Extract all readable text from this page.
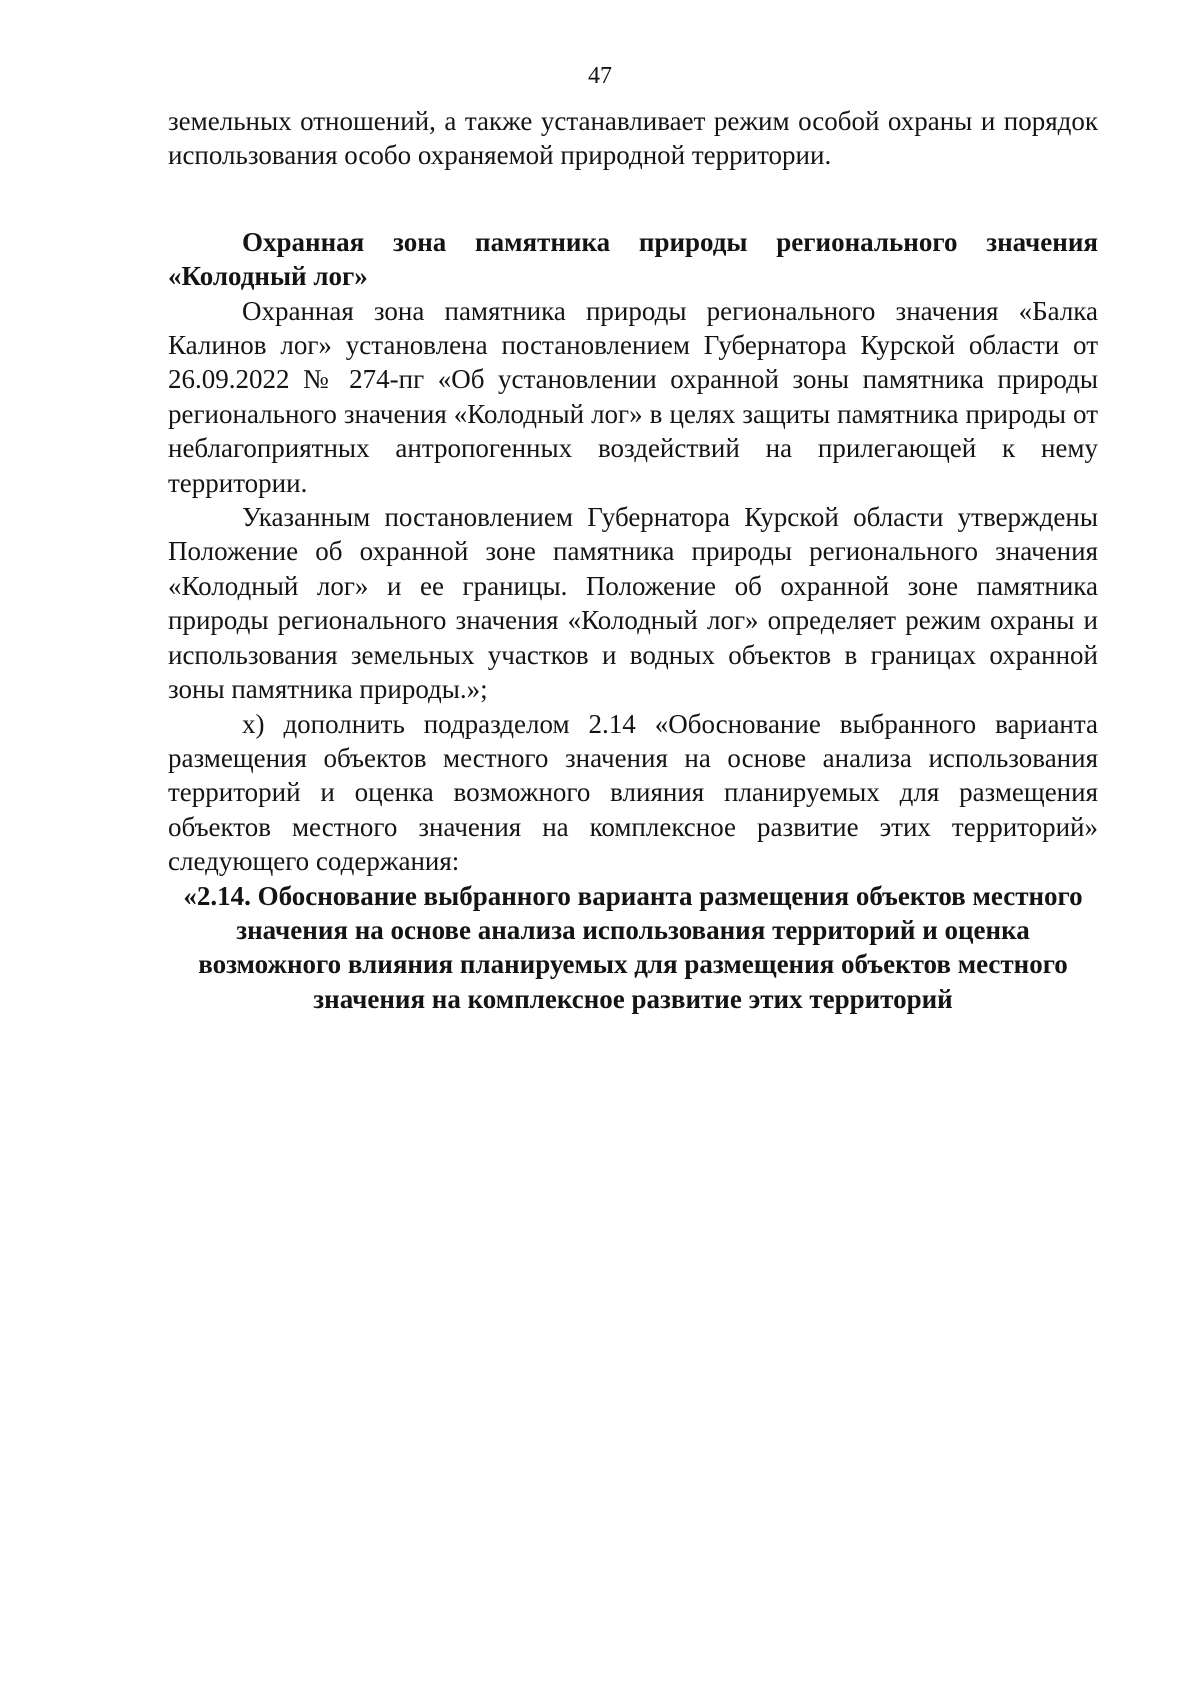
47

земельных отношений, а также устанавливает режим особой охраны и порядок использования особо охраняемой природной территории.

Охранная зона памятника природы регионального значения «Колодный лог»

Охранная зона памятника природы регионального значения «Балка Калинов лог» установлена постановлением Губернатора Курской области от 26.09.2022 № 274-пг «Об установлении охранной зоны памятника природы регионального значения «Колодный лог» в целях защиты памятника природы от неблагоприятных антропогенных воздействий на прилегающей к нему территории.

Указанным постановлением Губернатора Курской области утверждены Положение об охранной зоне памятника природы регионального значения «Колодный лог» и ее границы. Положение об охранной зоне памятника природы регионального значения «Колодный лог» определяет режим охраны и использования земельных участков и водных объектов в границах охранной зоны памятника природы.»;

х) дополнить подразделом 2.14 «Обоснование выбранного варианта размещения объектов местного значения на основе анализа использования территорий и оценка возможного влияния планируемых для размещения объектов местного значения на комплексное развитие этих территорий» следующего содержания:

«2.14. Обоснование выбранного варианта размещения объектов местного значения на основе анализа использования территорий и оценка возможного влияния планируемых для размещения объектов местного значения на комплексное развитие этих территорий
